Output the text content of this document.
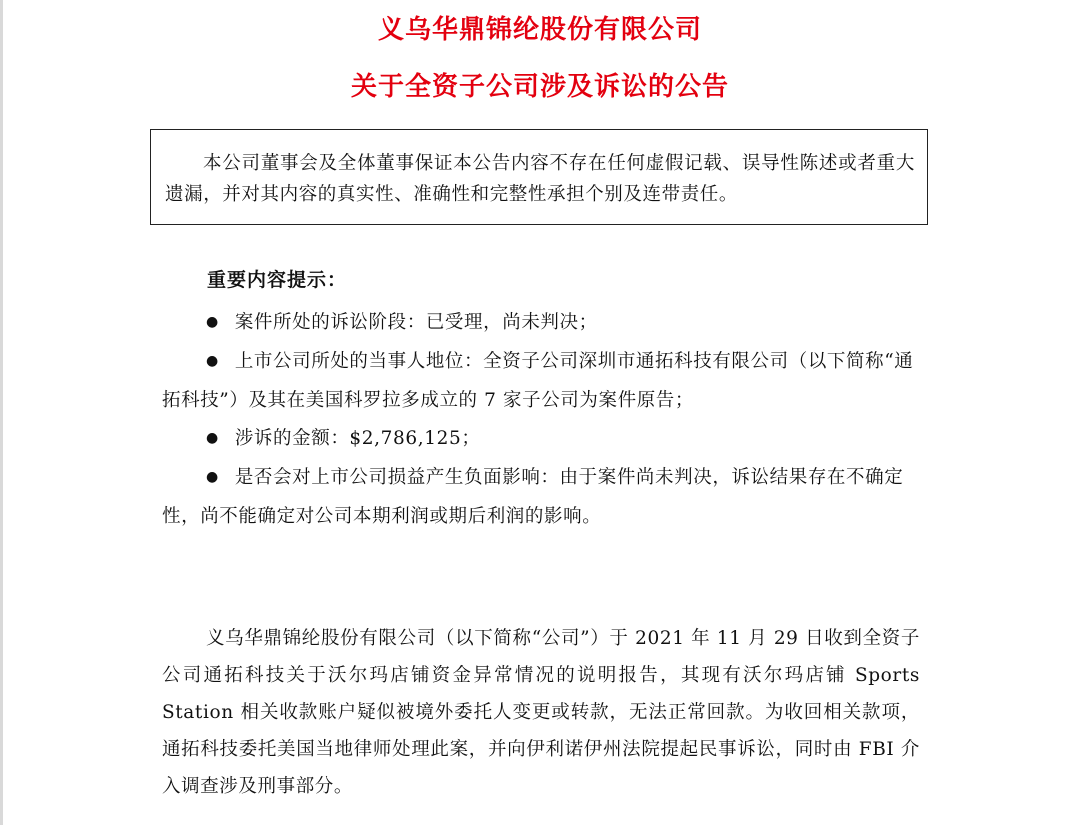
义乌华鼎锦纶股份有限公司
关于全资子公司涉及诉讼的公告
本公司董事会及全体董事保证本公告内容不存在任何虚假记载、误导性陈述或者重大遗漏，并对其内容的真实性、准确性和完整性承担个别及连带责任。
重要内容提示：

● 案件所处的诉讼阶段：已受理，尚未判决；

● 上市公司所处的当事人地位：全资子公司深圳市通拓科技有限公司（以下简称“通拓科技”）及其在美国科罗拉多成立的 7 家子公司为案件原告；

● 涉诉的金额：$2,786,125；

● 是否会对上市公司损益产生负面影响：由于案件尚未判决，诉讼结果存在不确定性，尚不能确定对公司本期利润或期后利润的影响。

义乌华鼎锦纶股份有限公司（以下简称“公司”）于 2021 年 11 月 29 日收到全资子公司通拓科技关于沃尔玛店铺资金异常情况的说明报告，其现有沃尔玛店铺 Sports Station 相关收款账户疑似被境外委托人变更或转款，无法正常回款。为收回相关款项，通拓科技委托美国当地律师处理此案，并向伊利诺伊州法院提起民事诉讼，同时由 FBI 介入调查涉及刑事部分。
